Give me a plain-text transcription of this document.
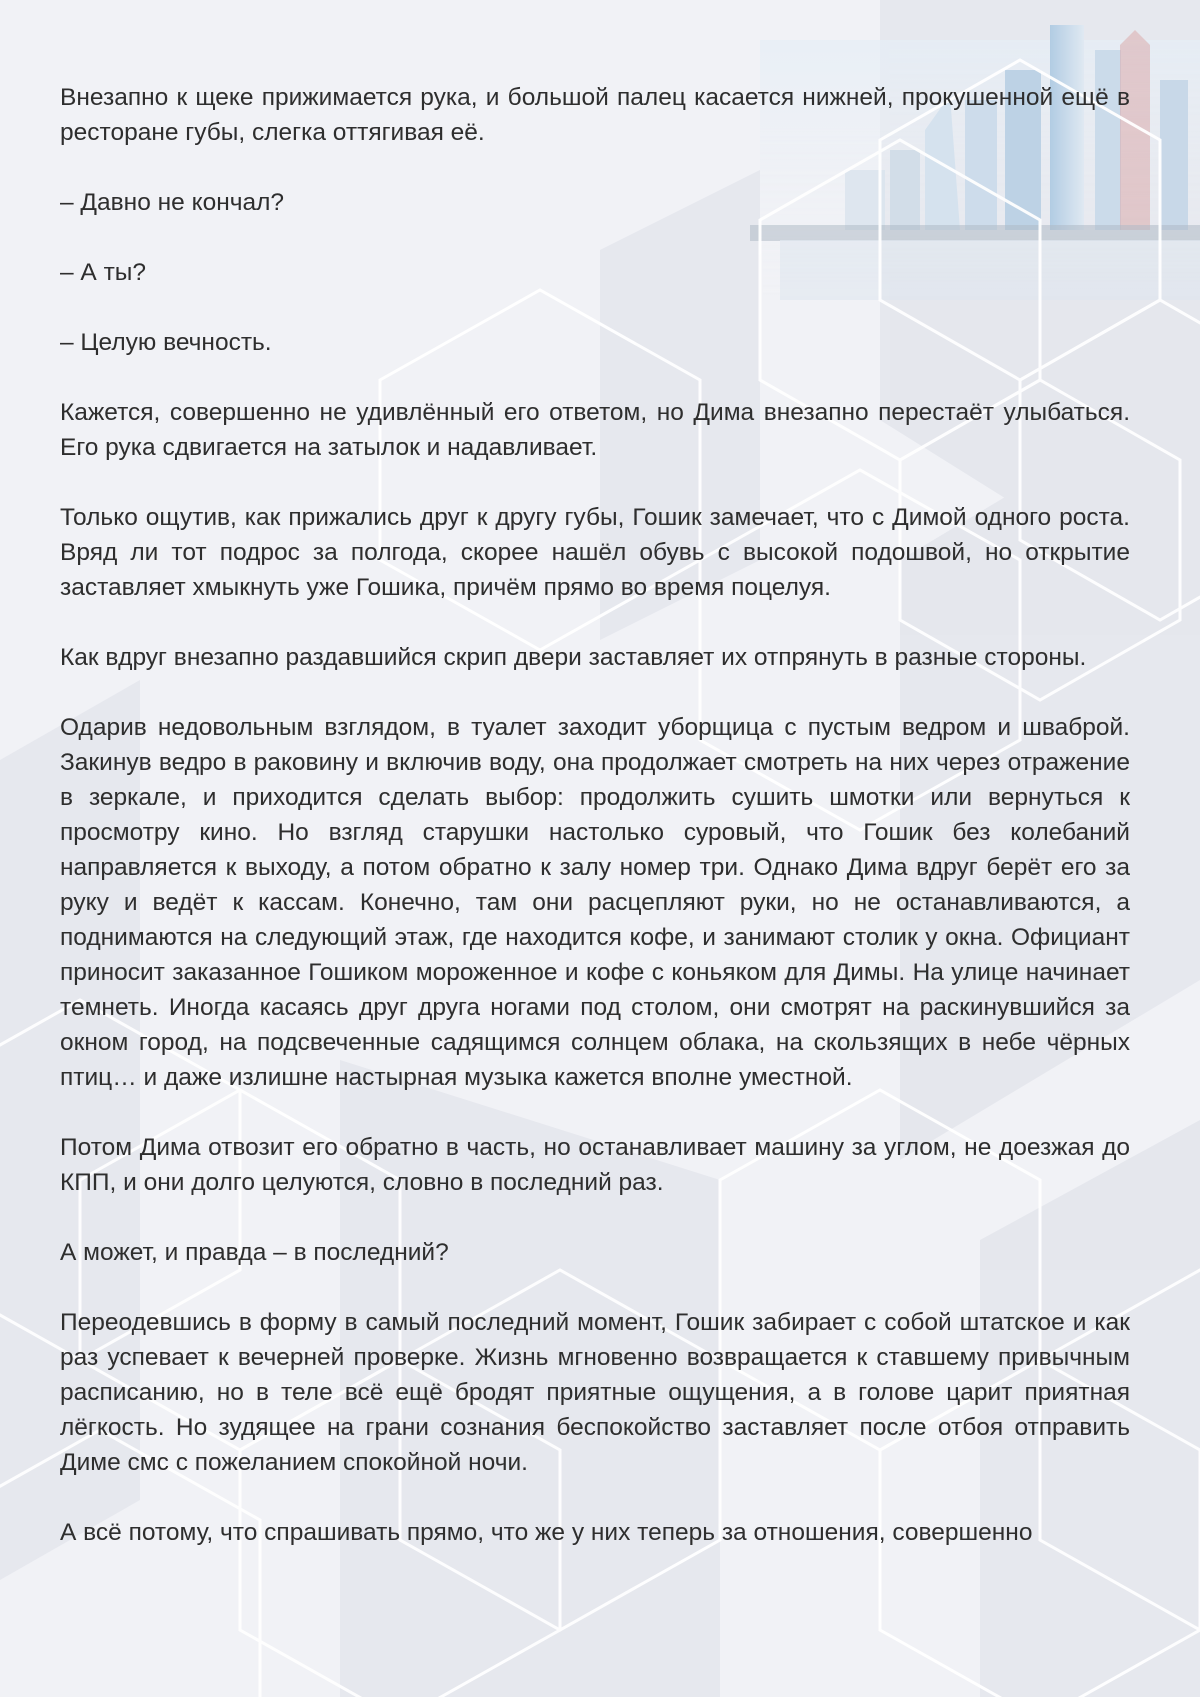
Внезапно к щеке прижимается рука, и большой палец касается нижней, прокушенной ещё в ресторане губы, слегка оттягивая её.

– Давно не кончал?

– А ты?

– Целую вечность.

Кажется, совершенно не удивлённый его ответом, но Дима внезапно перестаёт улыбаться. Его рука сдвигается на затылок и надавливает.

Только ощутив, как прижались друг к другу губы, Гошик замечает, что с Димой одного роста. Вряд ли тот подрос за полгода, скорее нашёл обувь с высокой подошвой, но открытие заставляет хмыкнуть уже Гошика, причём прямо во время поцелуя.

Как вдруг внезапно раздавшийся скрип двери заставляет их отпрянуть в разные стороны.

Одарив недовольным взглядом, в туалет заходит уборщица с пустым ведром и шваброй. Закинув ведро в раковину и включив воду, она продолжает смотреть на них через отражение в зеркале, и приходится сделать выбор: продолжить сушить шмотки или вернуться к просмотру кино. Но взгляд старушки настолько суровый, что Гошик без колебаний направляется к выходу, а потом обратно к залу номер три. Однако Дима вдруг берёт его за руку и ведёт к кассам. Конечно, там они расцепляют руки, но не останавливаются, а поднимаются на следующий этаж, где находится кофе, и занимают столик у окна. Официант приносит заказанное Гошиком мороженное и кофе с коньяком для Димы. На улице начинает темнеть. Иногда касаясь друг друга ногами под столом, они смотрят на раскинувшийся за окном город, на подсвеченные садящимся солнцем облака, на скользящих в небе чёрных птиц… и даже излишне настырная музыка кажется вполне уместной.

Потом Дима отвозит его обратно в часть, но останавливает машину за углом, не доезжая до КПП, и они долго целуются, словно в последний раз.

А может, и правда – в последний?

Переодевшись в форму в самый последний момент, Гошик забирает с собой штатское и как раз успевает к вечерней проверке. Жизнь мгновенно возвращается к ставшему привычным расписанию, но в теле всё ещё бродят приятные ощущения, а в голове царит приятная лёгкость. Но зудящее на грани сознания беспокойство заставляет после отбоя отправить Диме смс с пожеланием спокойной ночи.

А всё потому, что спрашивать прямо, что же у них теперь за отношения, совершенно
